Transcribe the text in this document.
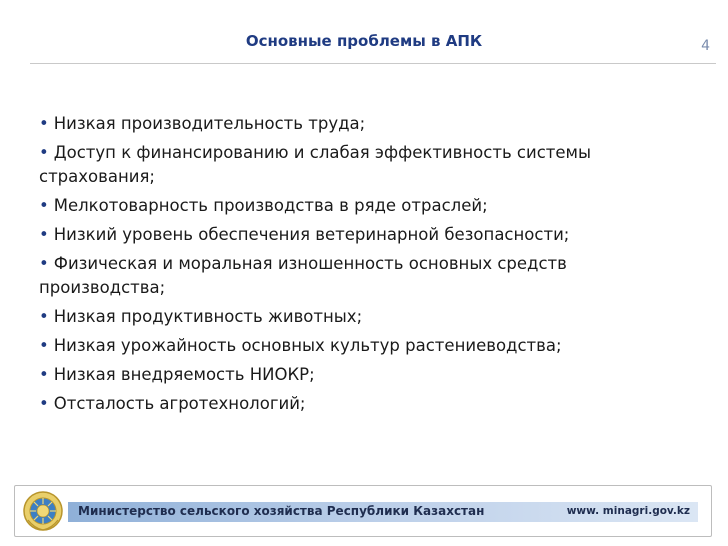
Основные проблемы в АПК	4
• Низкая производительность труда;
• Доступ к финансированию и слабая эффективность системы страхования;
• Мелкотоварность производства в ряде отраслей;
• Низкий уровень обеспечения ветеринарной безопасности;
• Физическая и моральная изношенность основных средств производства;
• Низкая продуктивность животных;
• Низкая урожайность основных культур растениеводства;
• Низкая внедряемость НИОКР;
• Отсталость агротехнологий;
Министерство сельского хозяйства Республики Казахстан	www. minagri.gov.kz
